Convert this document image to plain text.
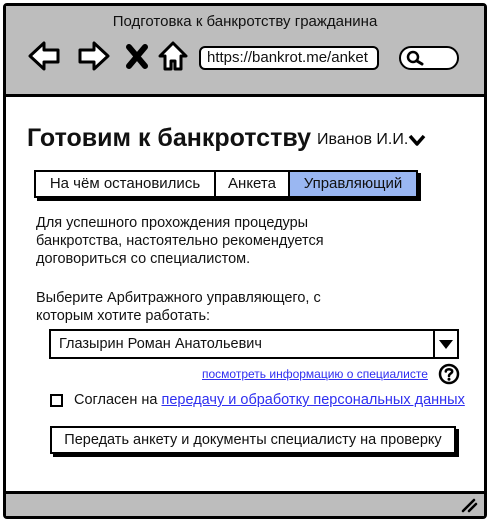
Подготовка к банкротству гражданина
https://bankrot.me/anket
Готовим к банкротству Иванов И.И.
На чём остановились	Анкета	Управляющий
Для успешного прохождения процедуры банкротства, настоятельно рекомендуется договориться со специалистом.
Выберите Арбитражного управляющего, с которым хотите работать:
Глазырин Роман Анатольевич
посмотреть информацию о специалисте
Согласен на передачу и обработку персональных данных
Передать анкету и документы специалисту на проверку
